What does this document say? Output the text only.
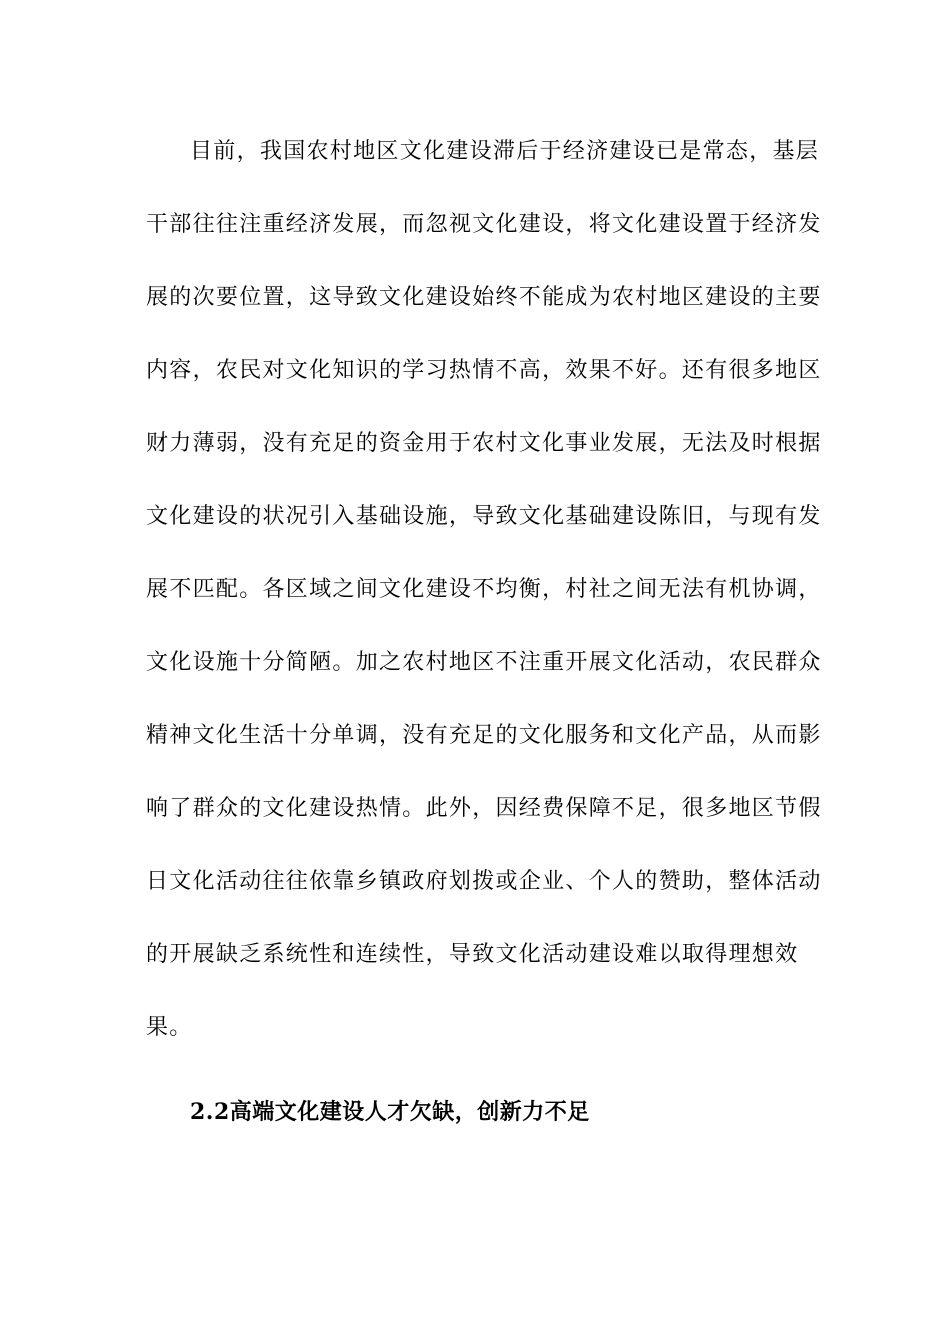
目前，我国农村地区文化建设滞后于经济建设已是常态，基层
干部往往注重经济发展，而忽视文化建设，将文化建设置于经济发
展的次要位置，这导致文化建设始终不能成为农村地区建设的主要
内容，农民对文化知识的学习热情不高，效果不好。还有很多地区
财力薄弱，没有充足的资金用于农村文化事业发展，无法及时根据
文化建设的状况引入基础设施，导致文化基础建设陈旧，与现有发
展不匹配。各区域之间文化建设不均衡，村社之间无法有机协调，
文化设施十分简陋。加之农村地区不注重开展文化活动，农民群众
精神文化生活十分单调，没有充足的文化服务和文化产品，从而影
响了群众的文化建设热情。此外，因经费保障不足，很多地区节假
日文化活动往往依靠乡镇政府划拨或企业、个人的赞助，整体活动
的开展缺乏系统性和连续性，导致文化活动建设难以取得理想效
果。
2.2高端文化建设人才欠缺，创新力不足
